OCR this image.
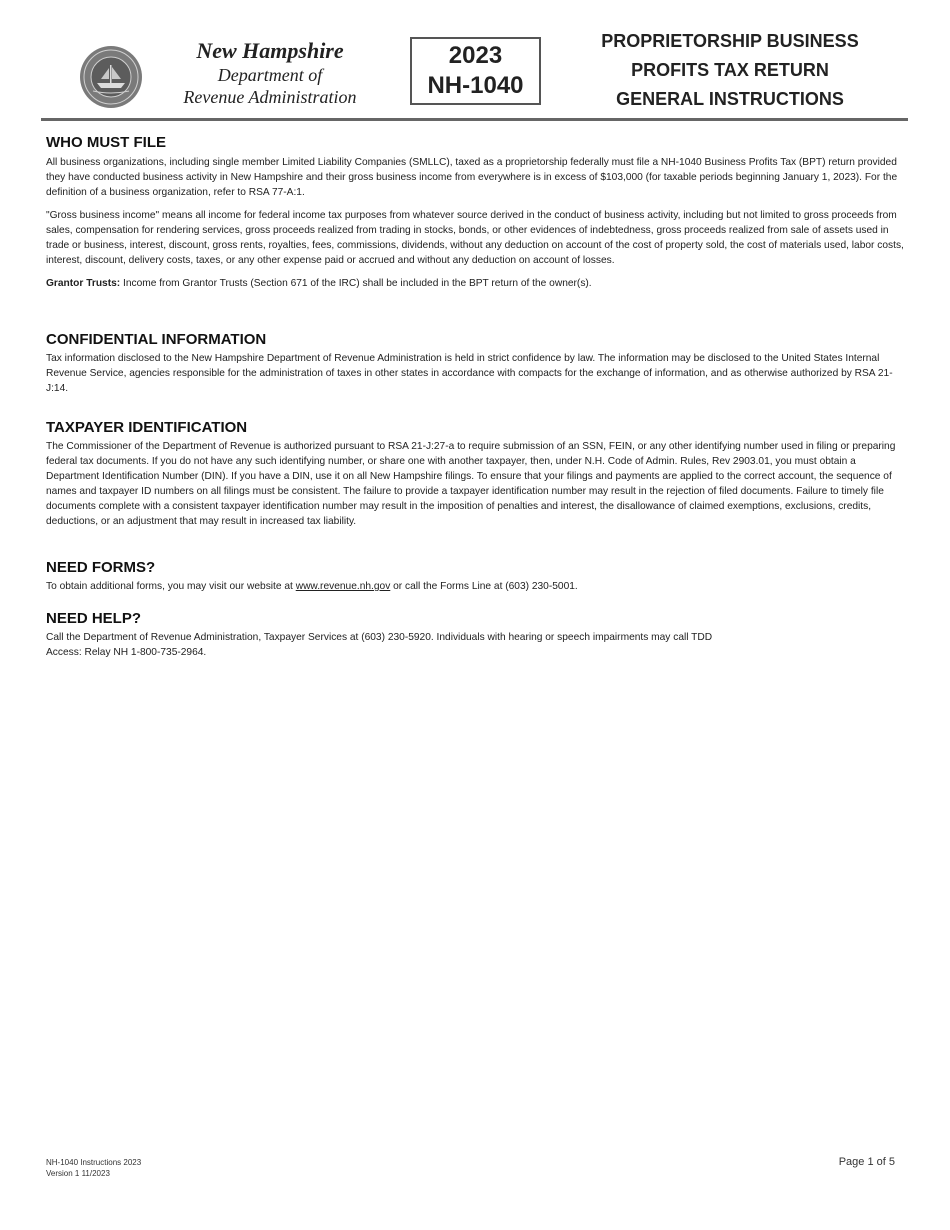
New Hampshire
Department of
Revenue Administration
2023
NH-1040
PROPRIETORSHIP BUSINESS
PROFITS TAX RETURN
GENERAL INSTRUCTIONS
WHO MUST FILE

All business organizations, including single member Limited Liability Companies (SMLLC), taxed as a proprietorship federally must file a NH-1040 Business Profits Tax (BPT) return provided they have conducted business activity in New Hampshire and their gross business income from everywhere is in excess of $103,000 (for taxable periods beginning January 1, 2023). For the definition of a business organization, refer to RSA 77-A:1.

"Gross business income" means all income for federal income tax purposes from whatever source derived in the conduct of business activity, including but not limited to gross proceeds from sales, compensation for rendering services, gross proceeds realized from trading in stocks, bonds, or other evidences of indebtedness, gross proceeds realized from sale of assets used in trade or business, interest, discount, gross rents, royalties, fees, commissions, dividends, without any deduction on account of the cost of property sold, the cost of materials used, labor costs, interest, discount, delivery costs, taxes, or any other expense paid or accrued and without any deduction on account of losses.

Grantor Trusts: Income from Grantor Trusts (Section 671 of the IRC) shall be included in the BPT return of the owner(s).

CONFIDENTIAL INFORMATION

Tax information disclosed to the New Hampshire Department of Revenue Administration is held in strict confidence by law. The information may be disclosed to the United States Internal Revenue Service, agencies responsible for the administration of taxes in other states in accordance with compacts for the exchange of information, and as otherwise authorized by RSA 21-J:14.

TAXPAYER IDENTIFICATION

The Commissioner of the Department of Revenue is authorized pursuant to RSA 21-J:27-a to require submission of an SSN, FEIN, or any other identifying number used in filing or preparing federal tax documents. If you do not have any such identifying number, or share one with another taxpayer, then, under N.H. Code of Admin. Rules, Rev 2903.01, you must obtain a Department Identification Number (DIN). If you have a DIN, use it on all New Hampshire filings. To ensure that your filings and payments are applied to the correct account, the sequence of names and taxpayer ID numbers on all filings must be consistent. The failure to provide a taxpayer identification number may result in the rejection of filed documents. Failure to timely file documents complete with a consistent taxpayer identification number may result in the imposition of penalties and interest, the disallowance of claimed exemptions, exclusions, credits, deductions, or an adjustment that may result in increased tax liability.

NEED FORMS?

To obtain additional forms, you may visit our website at www.revenue.nh.gov or call the Forms Line at (603) 230-5001.

NEED HELP?

Call the Department of Revenue Administration, Taxpayer Services at (603) 230-5920. Individuals with hearing or speech impairments may call TDD

Access: Relay NH 1-800-735-2964.

NH-1040 Instructions 2023
Version 1 11/2023
Page 1 of 5
